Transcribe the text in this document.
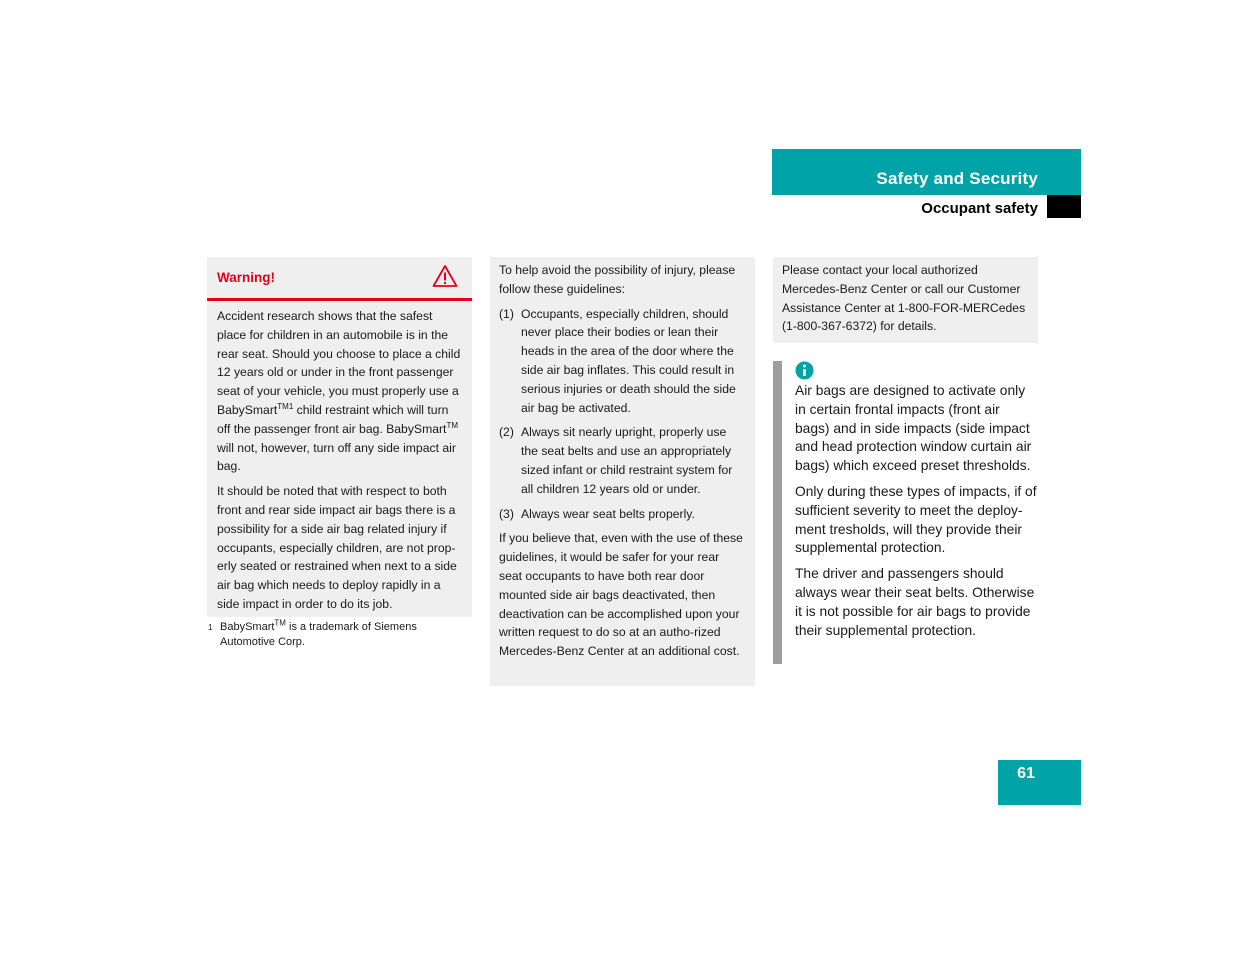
Safety and Security
Occupant safety
Warning!

Accident research shows that the safest place for children in an automobile is in the rear seat. Should you choose to place a child 12 years old or under in the front passenger seat of your vehicle, you must properly use a BabySmart$^{TM1}$ child restraint which will turn off the passenger front air bag. BabySmart™ will not, however, turn off any side impact air bag.

It should be noted that with respect to both front and rear side impact air bags there is a possibility for a side air bag related injury if occupants, especially children, are not prop-erly seated or restrained when next to a side air bag which needs to deploy rapidly in a side impact in order to do its job.

1 BabySmart™ is a trademark of Siemens Automotive Corp.

To help avoid the possibility of injury, please follow these guidelines:

(1) Occupants, especially children, should never place their bodies or lean their heads in the area of the door where the side air bag inflates. This could result in serious injuries or death should the side air bag be activated.
(2) Always sit nearly upright, properly use the seat belts and use an appropriately sized infant or child restraint system for all children 12 years old or under.
(3) Always wear seat belts properly.

If you believe that, even with the use of these guidelines, it would be safer for your rear seat occupants to have both rear door mounted side air bags deactivated, then deactivation can be accomplished upon your written request to do so at an autho-rized Mercedes-Benz Center at an additional cost.

Please contact your local authorized Mercedes-Benz Center or call our Customer Assistance Center at 1-800-FOR-MERCedes (1-800-367-6372) for details.

Air bags are designed to activate only in certain frontal impacts (front air bags) and in side impacts (side impact and head protection window curtain air bags) which exceed preset thresholds.

Only during these types of impacts, if of sufficient severity to meet the deploy-ment tresholds, will they provide their supplemental protection.

The driver and passengers should always wear their seat belts. Otherwise it is not possible for air bags to provide their supplemental protection.

61
